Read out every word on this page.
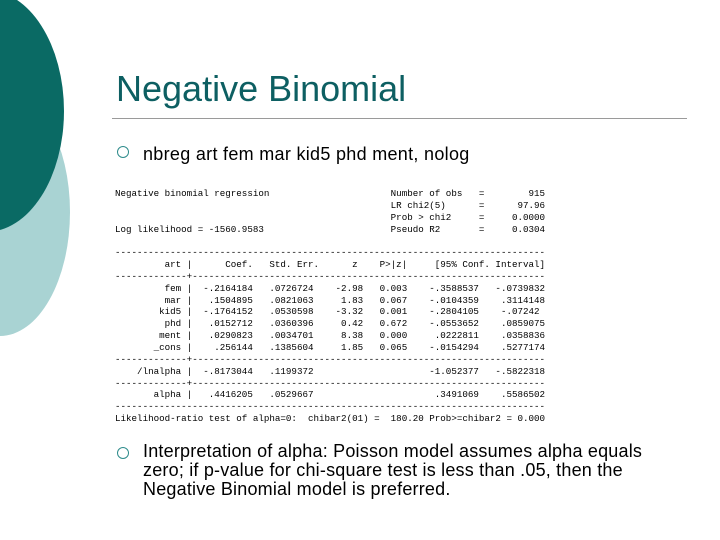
Negative Binomial
nbreg art fem mar kid5 phd ment, nolog
Negative binomial regression                      Number of obs   =        915
LR chi2(5)      =      97.96
Prob > chi2     =     0.0000
Log likelihood = -1560.9583                       Pseudo R2       =     0.0304

------------------------------------------------------------------------------
art |      Coef.   Std. Err.      z    P>|z|     [95% Conf. Interval]
-------------+----------------------------------------------------------------
fem |  -.2164184   .0726724    -2.98   0.003    -.3588537   -.0739832
mar |   .1504895   .0821063     1.83   0.067    -.0104359    .3114148
kid5 |  -.1764152   .0530598    -3.32   0.001    -.2804105    -.07242
phd |   .0152712   .0360396     0.42   0.672    -.0553652    .0859075
ment |   .0290823   .0034701     8.38   0.000     .0222811    .0358836
_cons |    .256144   .1385604     1.85   0.065    -.0154294    .5277174
-------------+----------------------------------------------------------------
/lnalpha |  -.8173044   .1199372                     -1.052377   -.5822318
-------------+----------------------------------------------------------------
alpha |   .4416205   .0529667                      .3491069    .5586502
------------------------------------------------------------------------------
Likelihood-ratio test of alpha=0:  chibar2(01) =  180.20 Prob>=chibar2 = 0.000
Interpretation of alpha: Poisson model assumes alpha equals zero; if p-value for chi-square test is less than .05, then the Negative Binomial model is preferred.
